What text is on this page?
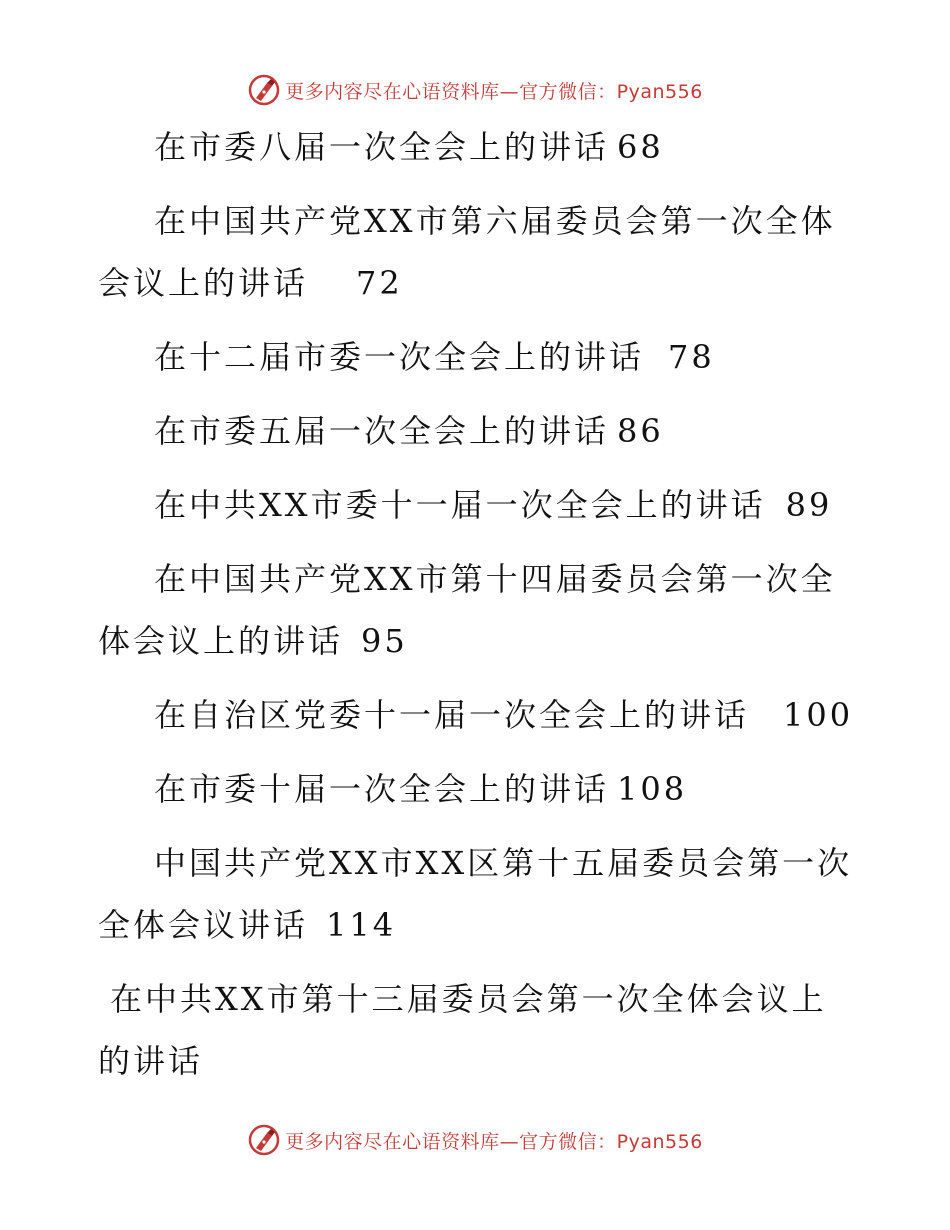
更多内容尽在心语资料库—官方微信：Pyan556

在市委八届一次全会上的讲话 68

在中国共产党XX市第六届委员会第一次全体会议上的讲话 72

在十二届市委一次全会上的讲话 78

在市委五届一次全会上的讲话 86

在中共XX市委十一届一次全会上的讲话 89

在中国共产党XX市第十四届委员会第一次全体会议上的讲话 95

在自治区党委十一届一次全会上的讲话 100

在市委十届一次全会上的讲话 108

中国共产党XX市XX区第十五届委员会第一次全体会议讲话 114

在中共XX市第十三届委员会第一次全体会议上的讲话

更多内容尽在心语资料库—官方微信：Pyan556
